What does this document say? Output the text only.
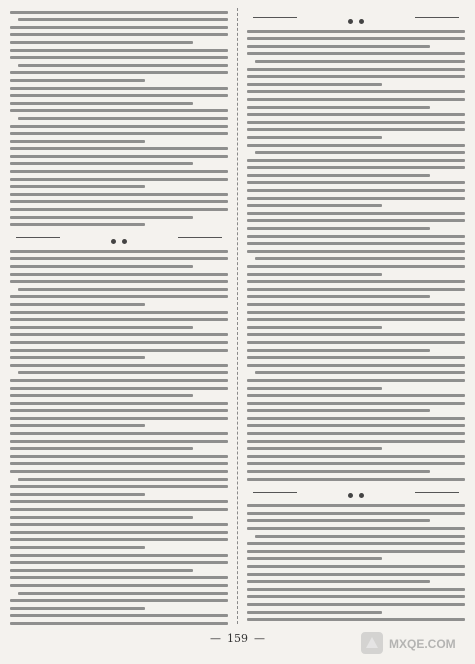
— 159 —	MXQE.COM
